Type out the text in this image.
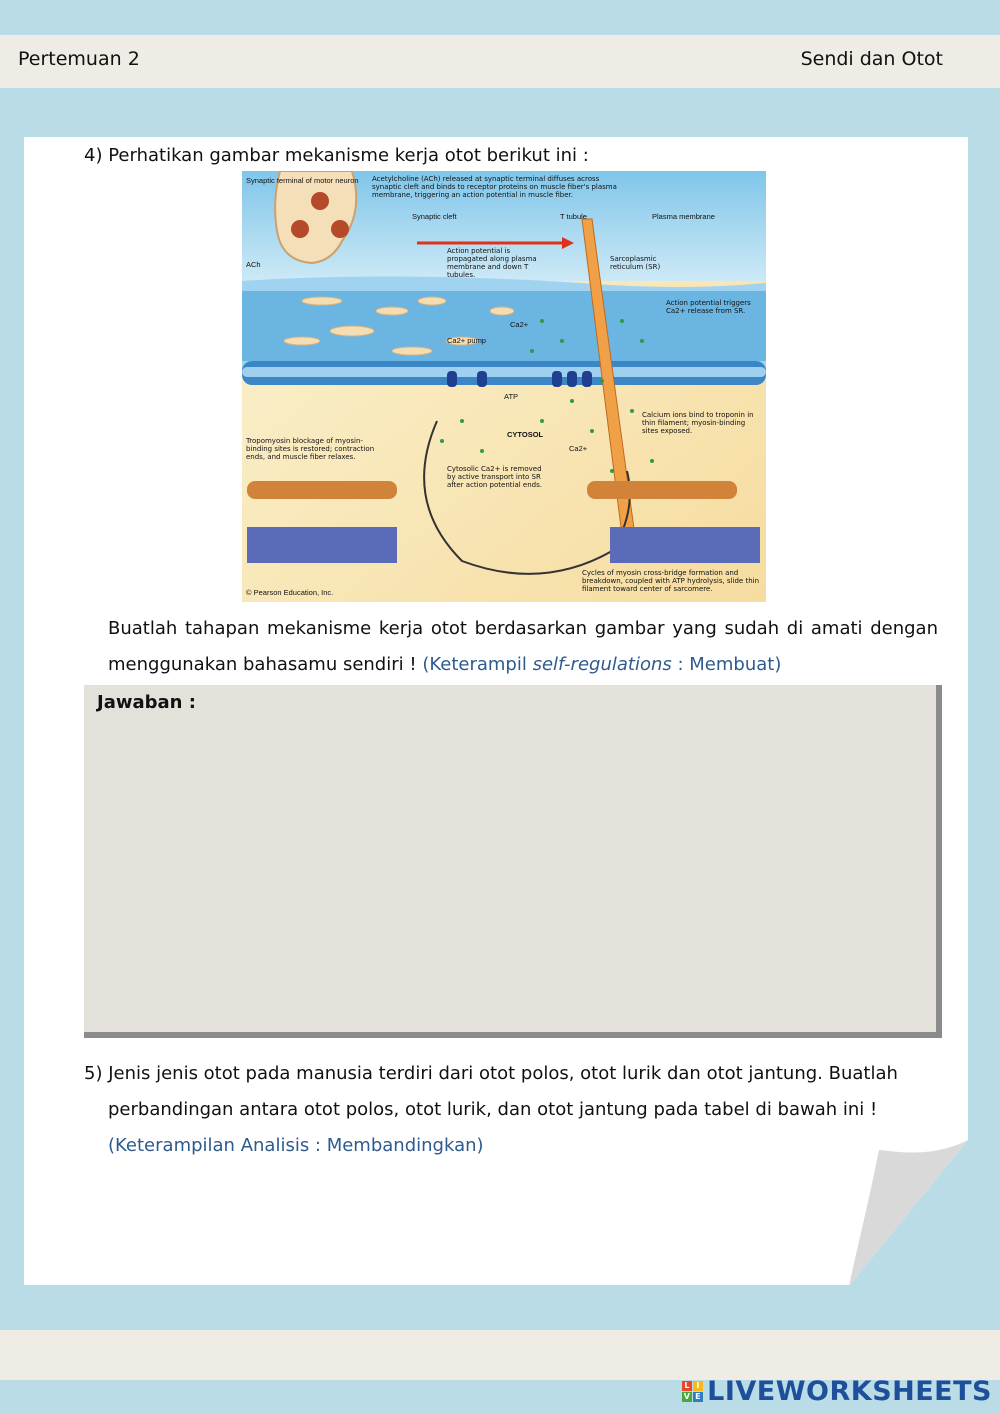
Pertemuan 2	Sendi dan Otot
4) Perhatikan gambar mekanisme kerja otot berikut ini :
Synaptic terminal of motor neuron
ACh
Synaptic cleft	T tubule	Plasma membrane
Ca2+
Ca2+ pump
ATP
CYTOSOL
Ca2+
© Pearson Education, Inc.
Acetylcholine (ACh) released at synaptic terminal diffuses across synaptic cleft and binds to receptor proteins on muscle fiber's plasma membrane, triggering an action potential in muscle fiber.
Action potential is propagated along plasma membrane and down T tubules.
Sarcoplasmic reticulum (SR)
Action potential triggers Ca2+ release from SR.
Calcium ions bind to troponin in thin filament; myosin-binding sites exposed.
Tropomyosin blockage of myosin-binding sites is restored; contraction ends, and muscle fiber relaxes.
Cytosolic Ca2+ is removed by active transport into SR after action potential ends.
Cycles of myosin cross-bridge formation and breakdown, coupled with ATP hydrolysis, slide thin filament toward center of sarcomere.
Buatlah tahapan mekanisme kerja otot berdasarkan gambar yang sudah di amati dengan menggunakan bahasamu sendiri ! (Keterampil self-regulations : Membuat)
Jawaban :
5) Jenis jenis otot pada manusia terdiri dari otot polos, otot lurik dan otot jantung. Buatlah
perbandingan antara otot polos, otot lurik, dan otot jantung pada tabel di bawah ini !
(Keterampilan Analisis : Membandingkan)
L I
V E LIVEWORKSHEETS
